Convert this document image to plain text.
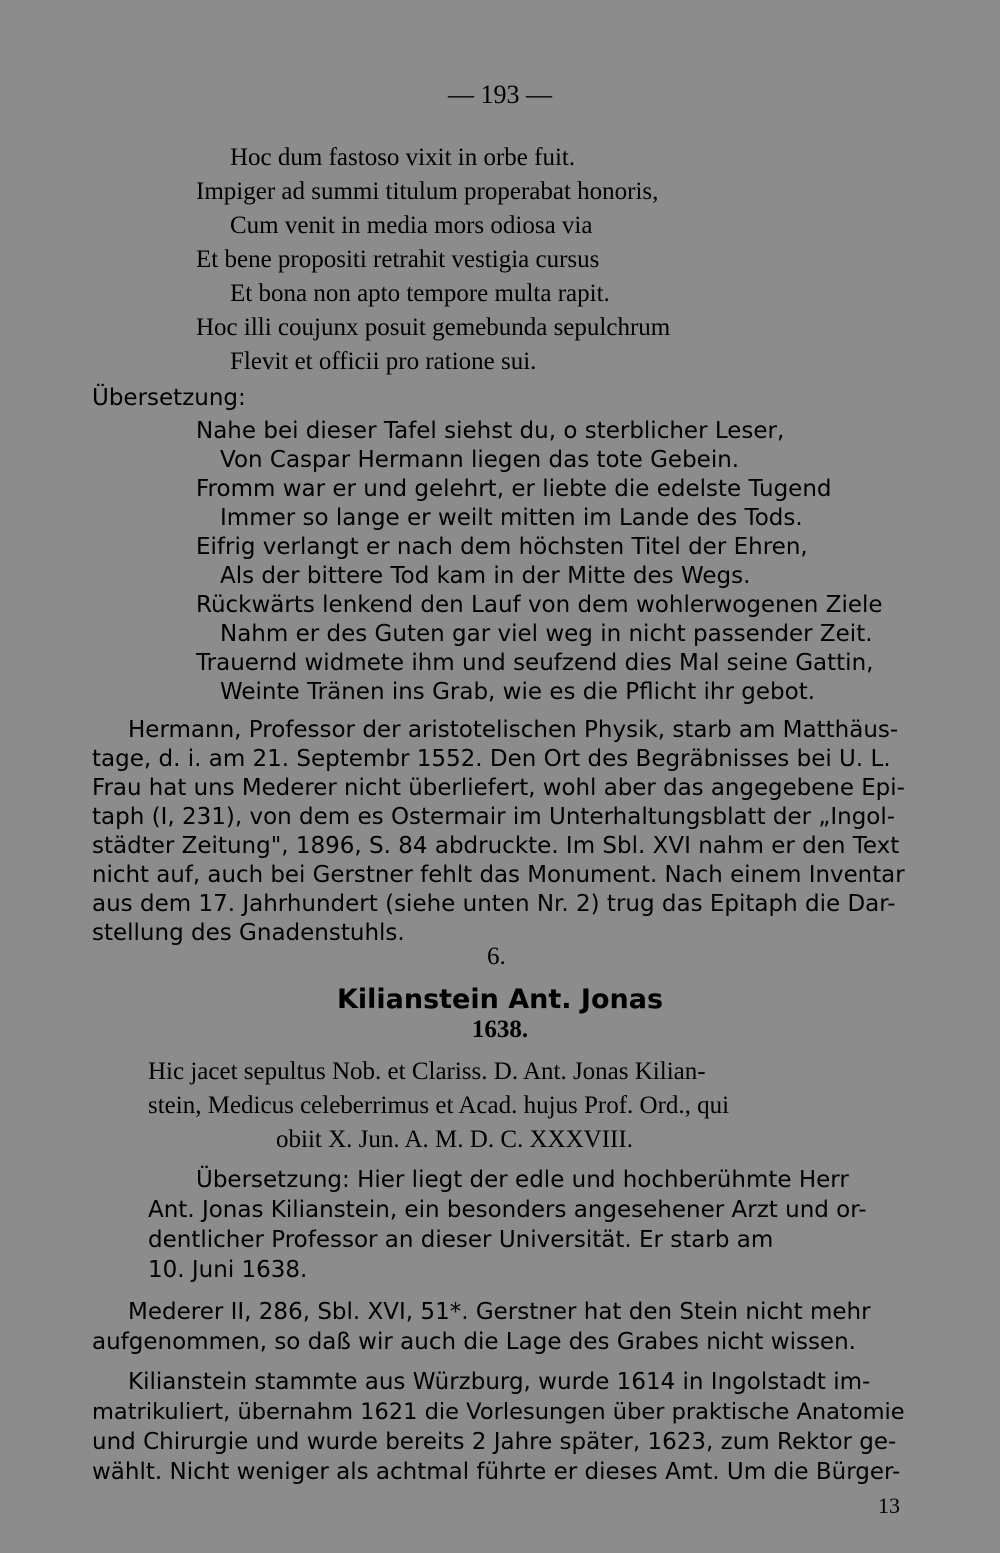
— 193 —
Hoc dum fastoso vixit in orbe fuit.
Impiger ad summi titulum properabat honoris,
Cum venit in media mors odiosa via
Et bene propositi retrahit vestigia cursus
Et bona non apto tempore multa rapit.
Hoc illi coujunx posuit gemebunda sepulchrum
Flevit et officii pro ratione sui.
Übersetzung:
Nahe bei dieser Tafel siehst du, o sterblicher Leser,
Von Caspar Hermann liegen das tote Gebein.
Fromm war er und gelehrt, er liebte die edelste Tugend
Immer so lange er weilt mitten im Lande des Tods.
Eifrig verlangt er nach dem höchsten Titel der Ehren,
Als der bittere Tod kam in der Mitte des Wegs.
Rückwärts lenkend den Lauf von dem wohlerwogenen Ziele
Nahm er des Guten gar viel weg in nicht passender Zeit.
Trauernd widmete ihm und seufzend dies Mal seine Gattin,
Weinte Tränen ins Grab, wie es die Pflicht ihr gebot.
Hermann, Professor der aristotelischen Physik, starb am Matthäus-
tage, d. i. am 21. Septembr 1552. Den Ort des Begräbnisses bei U. L.
Frau hat uns Mederer nicht überliefert, wohl aber das angegebene Epi-
taph (I, 231), von dem es Ostermair im Unterhaltungsblatt der „Ingol-
städter Zeitung", 1896, S. 84 abdruckte. Im Sbl. XVI nahm er den Text
nicht auf, auch bei Gerstner fehlt das Monument. Nach einem Inventar
aus dem 17. Jahrhundert (siehe unten Nr. 2) trug das Epitaph die Dar-
stellung des Gnadenstuhls.
6.
Kilianstein Ant. Jonas
1638.
Hic jacet sepultus Nob. et Clariss. D. Ant. Jonas Kilian-
stein, Medicus celeberrimus et Acad. hujus Prof. Ord., qui
obiit X. Jun. A. M. D. C. XXXVIII.
Übersetzung: Hier liegt der edle und hochberühmte Herr
Ant. Jonas Kilianstein, ein besonders angesehener Arzt und or-
dentlicher Professor an dieser Universität. Er starb am
10. Juni 1638.
Mederer II, 286, Sbl. XVI, 51*. Gerstner hat den Stein nicht mehr
aufgenommen, so daß wir auch die Lage des Grabes nicht wissen.
Kilianstein stammte aus Würzburg, wurde 1614 in Ingolstadt im-
matrikuliert, übernahm 1621 die Vorlesungen über praktische Anatomie
und Chirurgie und wurde bereits 2 Jahre später, 1623, zum Rektor ge-
wählt. Nicht weniger als achtmal führte er dieses Amt. Um die Bürger-
13
